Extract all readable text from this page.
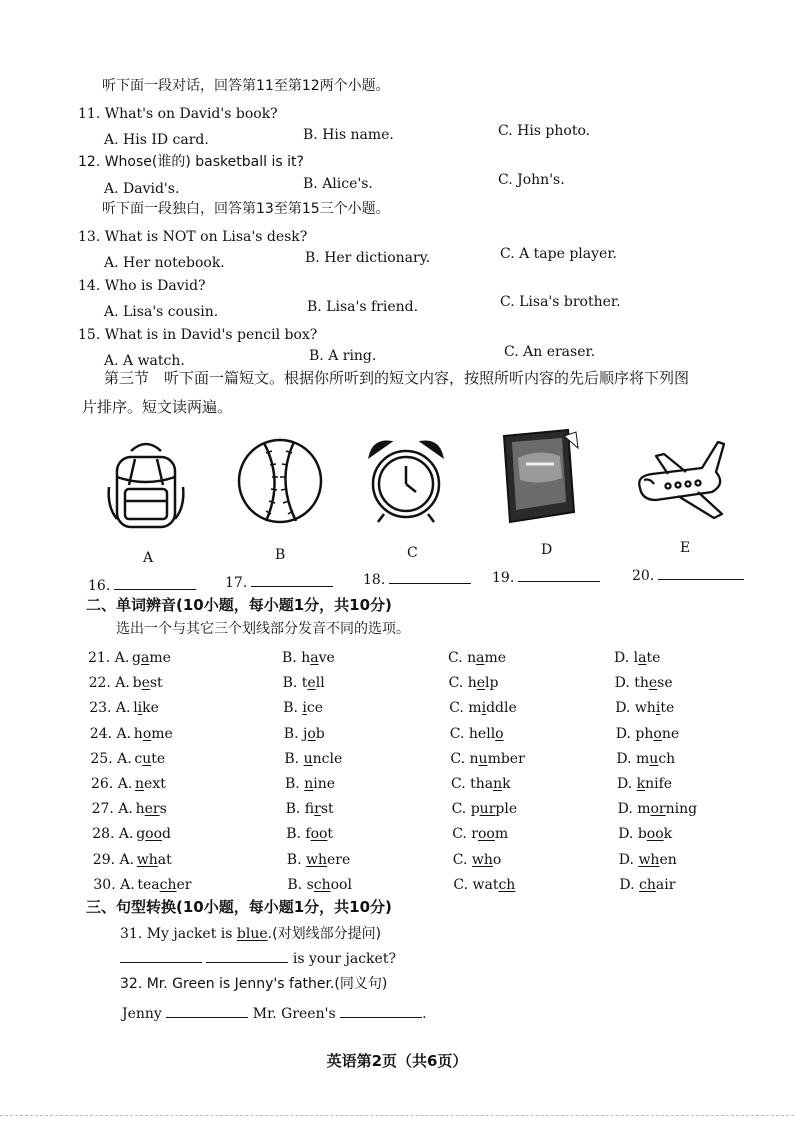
听下面一段对话，回答第11至第12两个小题。
11. What's on David's book?
A. His ID card.	B. His name.	C. His photo.
12. Whose(谁的) basketball is it?
A. David's.	B. Alice's.	C. John's.
听下面一段独白，回答第13至第15三个小题。
13. What is NOT on Lisa's desk?
A. Her notebook.	B. Her dictionary.	C. A tape player.
14. Who is David?
A. Lisa's cousin.	B. Lisa's friend.	C. Lisa's brother.
15. What is in David's pencil box?
A. A watch.	B. A ring.	C. An eraser.
第三节　听下面一篇短文。根据你所听到的短文内容，按照所听内容的先后顺序将下列图
片排序。短文读两遍。
A	B	C	D	E
16.	17.	18.	19.	20.
二、单词辨音(10小题，每小题1分，共10分)
选出一个与其它三个划线部分发音不同的选项。
21. A. game	B. have	C. name	D. late
22. A. best	B. tell	C. help	D. these
23. A. like	B. ice	C. middle	D. white
24. A. home	B. job	C. hello	D. phone
25. A. cute	B. uncle	C. number	D. much
26. A. next	B. nine	C. thank	D. knife
27. A. hers	B. first	C. purple	D. morning
28. A. good	B. foot	C. room	D. book
29. A. what	B. where	C. who	D. when
30. A. teacher	B. school	C. watch	D. chair
三、句型转换(10小题，每小题1分，共10分)
31. My jacket is blue.(对划线部分提问)
is your jacket?
32. Mr. Green is Jenny's father.(同义句)
Jenny	Mr. Green's	.
英语第2页（共6页）
